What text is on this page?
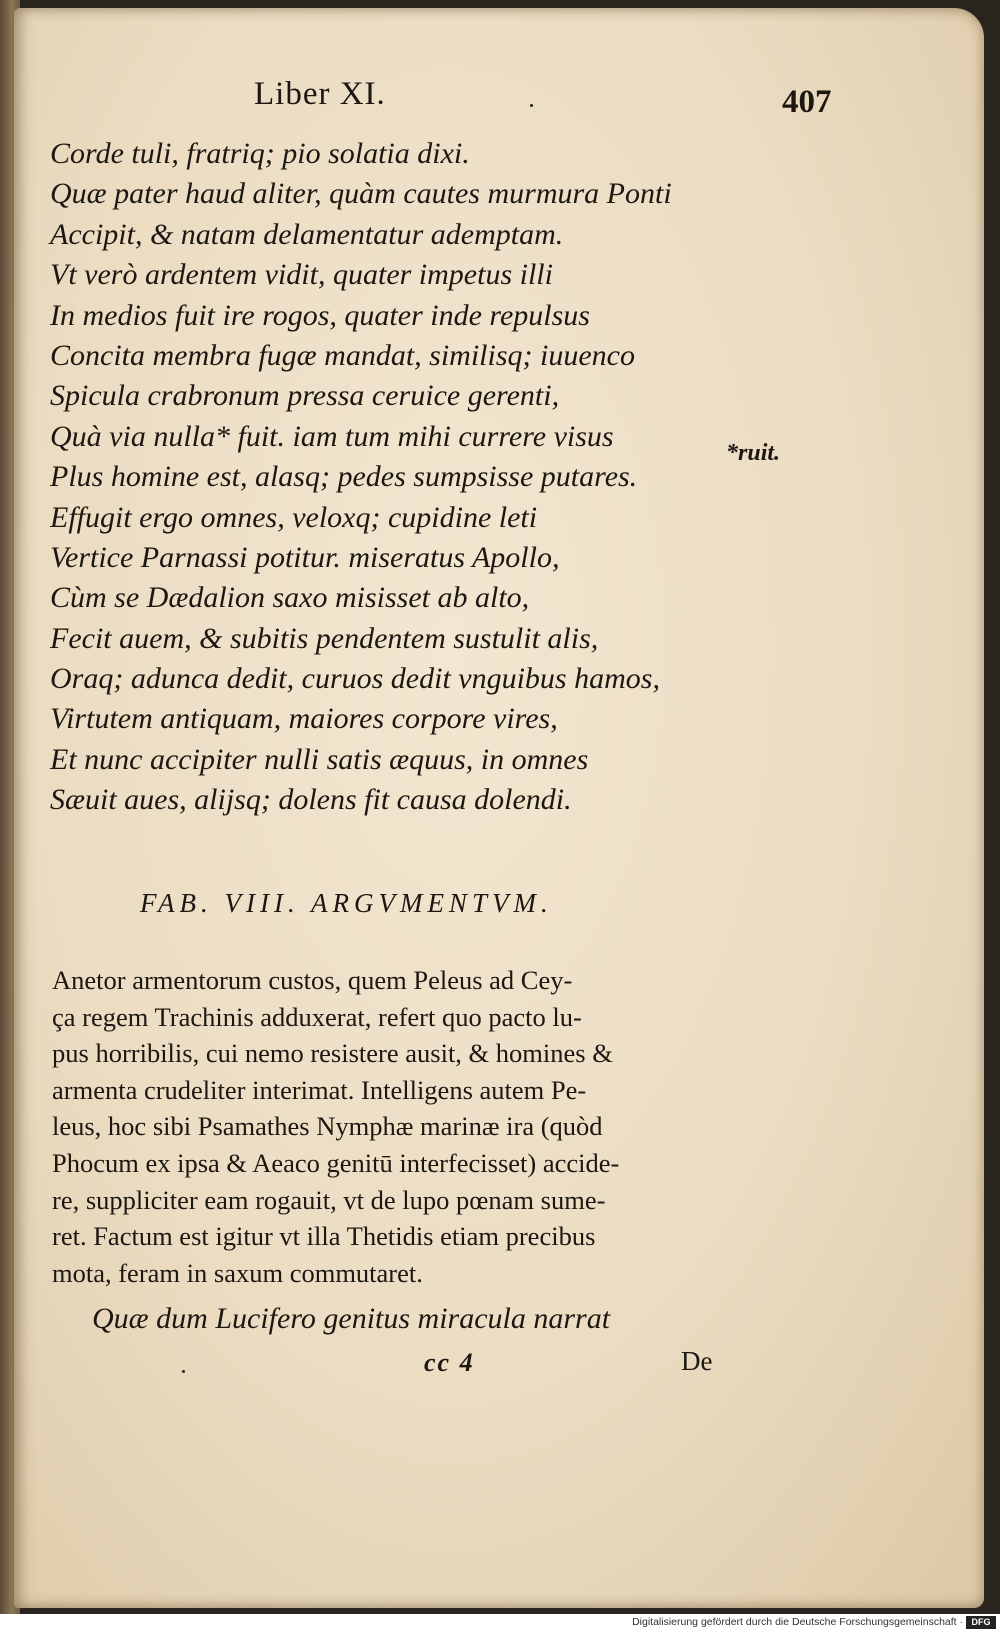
Liber XI.	407
Corde tuli, fratriq; pio solatia dixi.
Quæ pater haud aliter, quàm cautes murmura Ponti
Accipit, & natam delamentatur ademptam.
Vt verò ardentem vidit, quater impetus illi
In medios fuit ire rogos, quater inde repulsus
Concita membra fugæ mandat, similisq; iuuenco
Spicula crabronum pressa ceruice gerenti,
Quà via nulla* fuit. iam tum mihi currere visus
Plus homine est, alasq; pedes sumpsisse putares.
Effugit ergo omnes, veloxq; cupidine leti
Vertice Parnassi potitur. miseratus Apollo,
Cùm se Dædalion saxo misisset ab alto,
Fecit auem, & subitis pendentem sustulit alis,
Oraq; adunca dedit, curuos dedit vnguibus hamos,
Virtutem antiquam, maiores corpore vires,
Et nunc accipiter nulli satis æquus, in omnes
Sæuit aues, alijsq; dolens fit causa dolendi.
*ruit.
FAB. VIII. ARGVMENTVM.
Anetor armentorum custos, quem Peleus ad Cey-
ça regem Trachinis adduxerat, refert quo pacto lu-
pus horribilis, cui nemo resistere ausit, & homines &
armenta crudeliter interimat. Intelligens autem Pe-
leus, hoc sibi Psamathes Nymphæ marinæ ira (quòd
Phocum ex ipsa & Aeaco genitū interfecisset) accide-
re, suppliciter eam rogauit, vt de lupo pœnam sume-
ret. Factum est igitur vt illa Thetidis etiam precibus
mota, feram in saxum commutaret.
Quæ dum Lucifero genitus miracula narrat
cc 4	De
Digitalisierung gefördert durch die Deutsche Forschungsgemeinschaft · DFG
